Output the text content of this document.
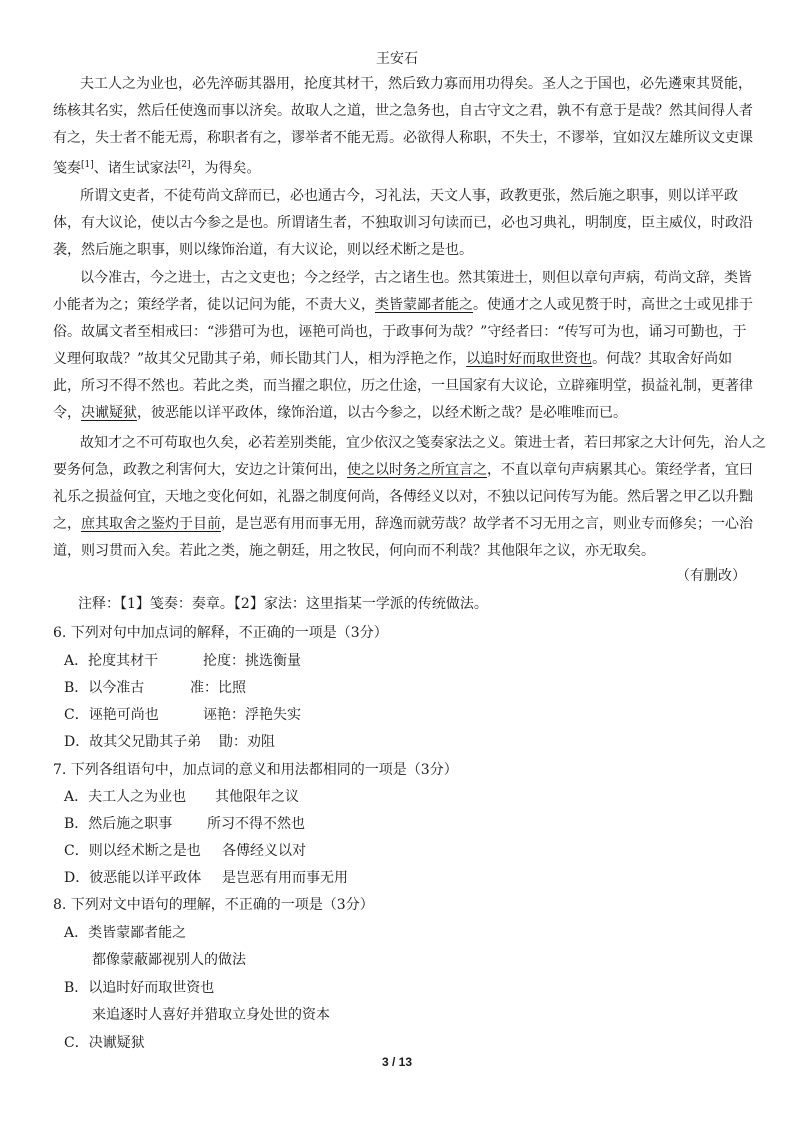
王安石
夫工人之为业也，必先淬砺其器用，抡度其材干，然后致力寡而用功得矣。圣人之于国也，必先遴柬其贤能，
练核其名实，然后任使逸而事以济矣。故取人之道，世之急务也，自古守文之君，孰不有意于是哉？然其间得人者
有之，失士者不能无焉，称职者有之，谬举者不能无焉。必欲得人称职，不失士，不谬举，宜如汉左雄所议文吏课
笺奏[1]、诸生试家法[2]，为得矣。
所谓文吏者，不徒苟尚文辞而已，必也通古今，习礼法，天文人事，政教更张，然后施之职事，则以详平政
体，有大议论，使以古今参之是也。所谓诸生者，不独取训习句读而已，必也习典礼，明制度，臣主威仪，时政沿
袭，然后施之职事，则以缘饰治道，有大议论，则以经术断之是也。
以今准古，今之进士，古之文吏也；今之经学，古之诸生也。然其策进士，则但以章句声病，苟尚文辞，类皆
小能者为之；策经学者，徒以记问为能，不责大义，类皆蒙鄙者能之。使通才之人或见赘于时，高世之士或见排于
俗。故属文者至相戒曰：“涉猎可为也，诬艳可尚也，于政事何为哉？”守经者曰：“传写可为也，诵习可勤也，于
义理何取哉？”故其父兄勖其子弟，师长勖其门人，相为浮艳之作，以追时好而取世资也。何哉？其取舍好尚如
此，所习不得不然也。若此之类，而当擢之职位，历之仕途，一旦国家有大议论，立辟雍明堂，损益礼制，更著律
令，决谳疑狱，彼恶能以详平政体，缘饰治道，以古今参之，以经术断之哉？是必唯唯而已。
故知才之不可苟取也久矣，必若差别类能，宜少依汉之笺奏家法之义。策进士者，若曰邦家之大计何先，治人之
要务何急，政教之利害何大，安边之计策何出，使之以时务之所宜言之，不直以章句声病累其心。策经学者，宜曰
礼乐之损益何宜，天地之变化何如，礼器之制度何尚，各傅经义以对，不独以记问传写为能。然后署之甲乙以升黜
之，庶其取舍之鉴灼于目前，是岂恶有用而事无用，辞逸而就劳哉？故学者不习无用之言，则业专而修矣；一心治
道，则习贯而入矣。若此之类，施之朝廷，用之牧民，何向而不利哉？其他限年之议，亦无取矣。
（有删改）
注释：【1】笺奏：奏章。【2】家法：这里指某一学派的传统做法。
6. 下列对句中加点词的解释，不正确的一项是（3分）
A．抡度其材干	抡度：挑选衡量
B．以今准古	准：比照
C．诬艳可尚也	诬艳：浮艳失实
D．故其父兄勖其子弟 勖：劝阻
7. 下列各组语句中，加点词的意义和用法都相同的一项是（3分）
A．夫工人之为业也 其他限年之议
B．然后施之职事 所习不得不然也
C．则以经术断之是也 各傅经义以对
D．彼恶能以详平政体 是岂恶有用而事无用
8. 下列对文中语句的理解，不正确的一项是（3分）
A．类皆蒙鄙者能之
都像蒙蔽鄙视别人的做法
B．以追时好而取世资也
来追逐时人喜好并猎取立身处世的资本
C．决谳疑狱
3 / 13
